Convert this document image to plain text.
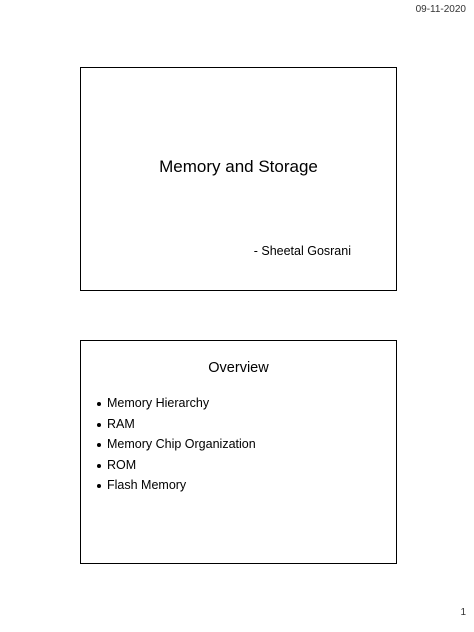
09-11-2020
Memory and Storage
- Sheetal Gosrani
Overview
Memory Hierarchy
RAM
Memory Chip Organization
ROM
Flash Memory
1
